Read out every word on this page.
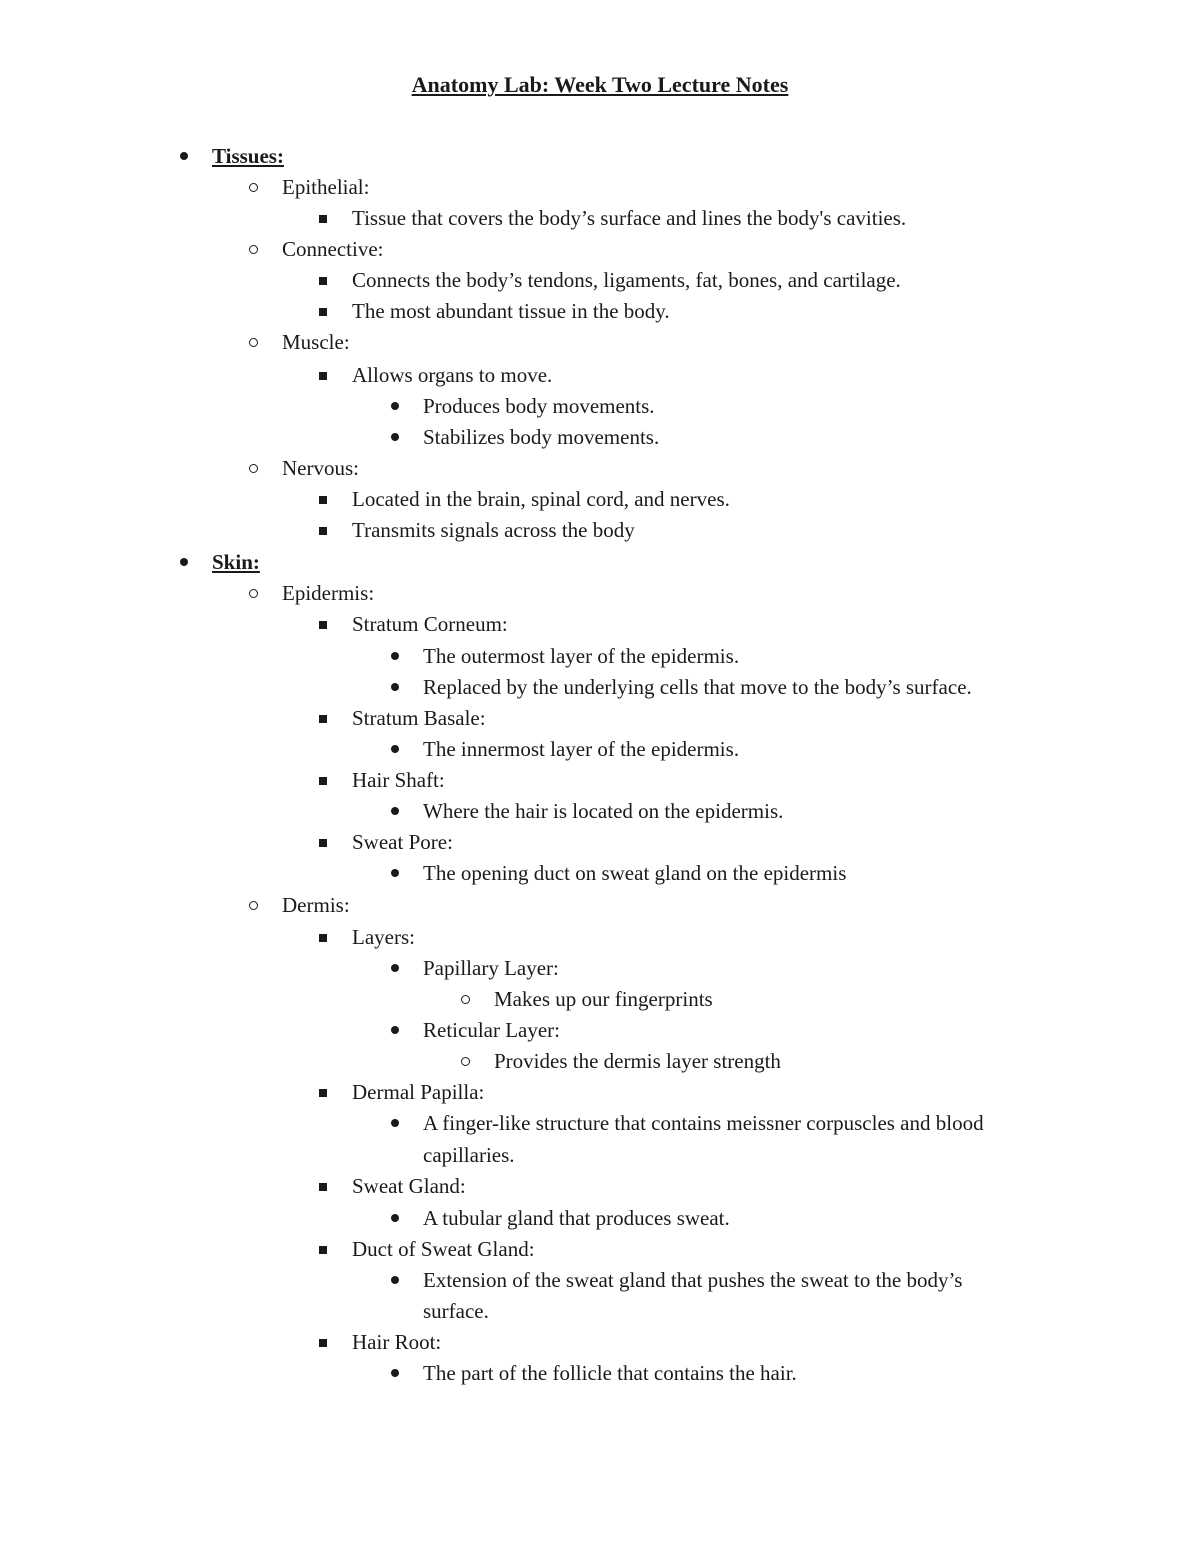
Anatomy Lab: Week Two Lecture Notes
Tissues:
Epithelial:
Tissue that covers the body’s surface and lines the body's cavities.
Connective:
Connects the body’s tendons, ligaments, fat, bones, and cartilage.
The most abundant tissue in the body.
Muscle:
Allows organs to move.
Produces body movements.
Stabilizes body movements.
Nervous:
Located in the brain, spinal cord, and nerves.
Transmits signals across the body
Skin:
Epidermis:
Stratum Corneum:
The outermost layer of the epidermis.
Replaced by the underlying cells that move to the body’s surface.
Stratum Basale:
The innermost layer of the epidermis.
Hair Shaft:
Where the hair is located on the epidermis.
Sweat Pore:
The opening duct on sweat gland on the epidermis
Dermis:
Layers:
Papillary Layer:
Makes up our fingerprints
Reticular Layer:
Provides the dermis layer strength
Dermal Papilla:
A finger-like structure that contains meissner corpuscles and blood
capillaries.
Sweat Gland:
A tubular gland that produces sweat.
Duct of Sweat Gland:
Extension of the sweat gland that pushes the sweat to the body’s
surface.
Hair Root:
The part of the follicle that contains the hair.
